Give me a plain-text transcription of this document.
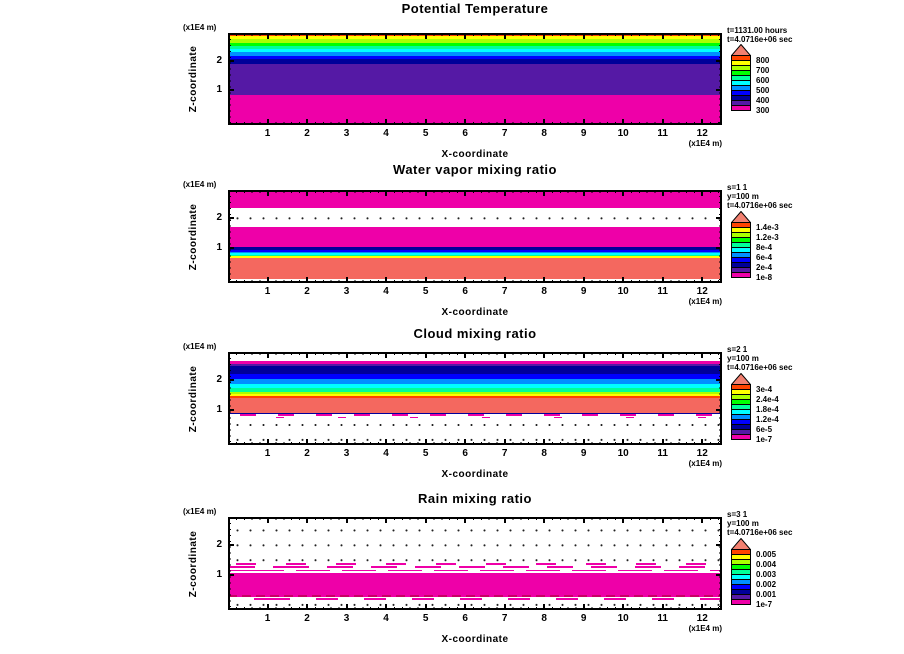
Potential Temperature
(x1E4 m)
Z-coordinate	2
1
1	2	3	4	5	6	7	8	9	10	11	12
(x1E4 m)
X-coordinate
t=1131.00 hours
t=4.0716e+06 sec
800
700
600
500
400
300
Water vapor mixing ratio
(x1E4 m)
Z-coordinate	2
1
1	2	3	4	5	6	7	8	9	10	11	12
(x1E4 m)
X-coordinate
s=1 1
y=100 m
t=4.0716e+06 sec
1.4e-3
1.2e-3
8e-4
6e-4
2e-4
1e-8
Cloud mixing ratio
(x1E4 m)
Z-coordinate	2
1
1	2	3	4	5	6	7	8	9	10	11	12
(x1E4 m)
X-coordinate
s=2 1
y=100 m
t=4.0716e+06 sec
3e-4
2.4e-4
1.8e-4
1.2e-4
6e-5
1e-7
Rain mixing ratio
(x1E4 m)
Z-coordinate	2
1
1	2	3	4	5	6	7	8	9	10	11	12
(x1E4 m)
X-coordinate
s=3 1
y=100 m
t=4.0716e+06 sec
0.005
0.004
0.003
0.002
0.001
1e-7
